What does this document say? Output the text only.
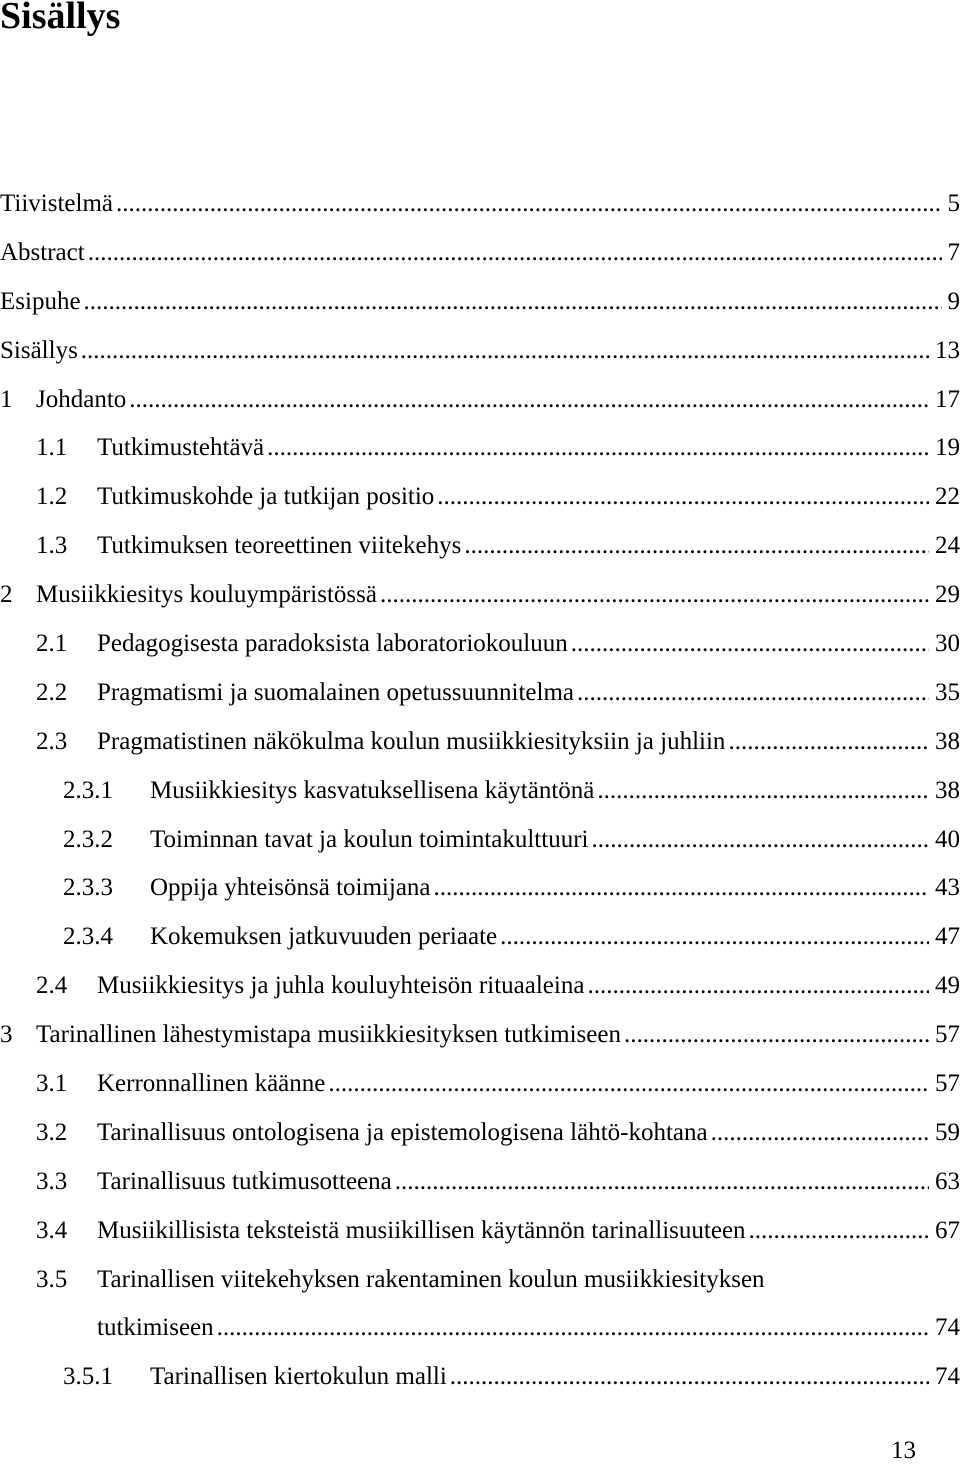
Sisällys
Tiivistelmä .....	5
Abstract .....	7
Esipuhe .....	9
Sisällys .....	13
1 Johdanto .....	17
1.1 Tutkimustehtävä .....	19
1.2 Tutkimuskohde ja tutkijan positio .....	22
1.3 Tutkimuksen teoreettinen viitekehys .....	24
2 Musiikkiesitys kouluympäristössä .....	29
2.1 Pedagogisesta paradoksista laboratoriokouluun .....	30
2.2 Pragmatismi ja suomalainen opetussuunnitelma .....	35
2.3 Pragmatistinen näkökulma koulun musiikkiesityksiin ja juhliin .....	38
2.3.1 Musiikkiesitys kasvatuksellisena käytäntönä .....	38
2.3.2 Toiminnan tavat ja koulun toimintakulttuuri .....	40
2.3.3 Oppija yhteisönsä toimijana .....	43
2.3.4 Kokemuksen jatkuvuuden periaate .....	47
2.4 Musiikkiesitys ja juhla kouluyhteisön rituaaleina .....	49
3 Tarinallinen lähestymistapa musiikkiesityksen tutkimiseen .....	57
3.1 Kerronnallinen käänne .....	57
3.2 Tarinallisuus ontologisena ja epistemologisena lähtö-kohtana .....	59
3.3 Tarinallisuus tutkimusotteena .....	63
3.4 Musiikillisista teksteistä musiikillisen käytännön tarinallisuuteen .....	67
3.5 Tarinallisen viitekehyksen rakentaminen koulun musiikkiesityksen
tutkimiseen .....	74
3.5.1 Tarinallisen kiertokulun malli .....	74
13
